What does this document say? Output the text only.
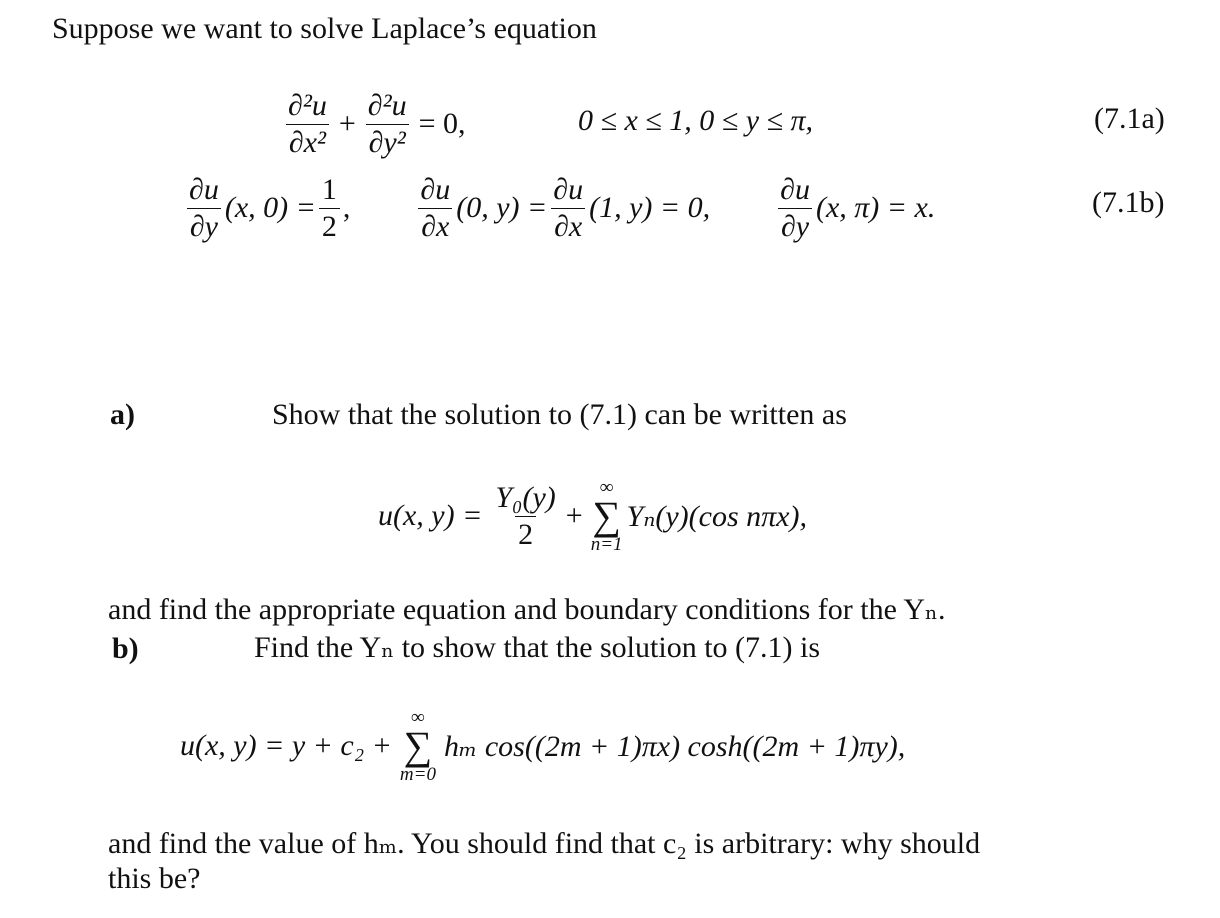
Suppose we want to solve Laplace’s equation
$\frac{\text{∂²u}}{\text{∂x²}} + \frac{\text{∂²u}}{\text{∂y²}} = 0$,	0 ≤ x ≤ 1, 0 ≤ y ≤ π,	(7.1a)
$\frac{\partial u}{\partial y} (x$, $0) = \frac{1}{2}$ , $\frac{\partial u}{\partial x} (0$, $y) = \frac{\partial u}{\partial x} (1$, y) = 0, $\frac{\partial u}{\partial y} (x$, π) = x.	(7.1b)
a)	Show that the solution to (7.1) can be written as
u(x, $y) = \frac{\text{Y₀(y)}}{2}$ +
∞
∑
n=1
Yₙ(y)(cos nπx),
and find the appropriate equation and boundary conditions for the Yₙ.
b)	Find the Yₙ to show that the solution to (7.1) is
u(x, y) = y + c₂ +
∞
∑
m=0
hₘ cos((2m + 1)πx) cosh((2m + 1)πy),
and find the value of hₘ. You should find that c₂ is arbitrary: why should
this be?
